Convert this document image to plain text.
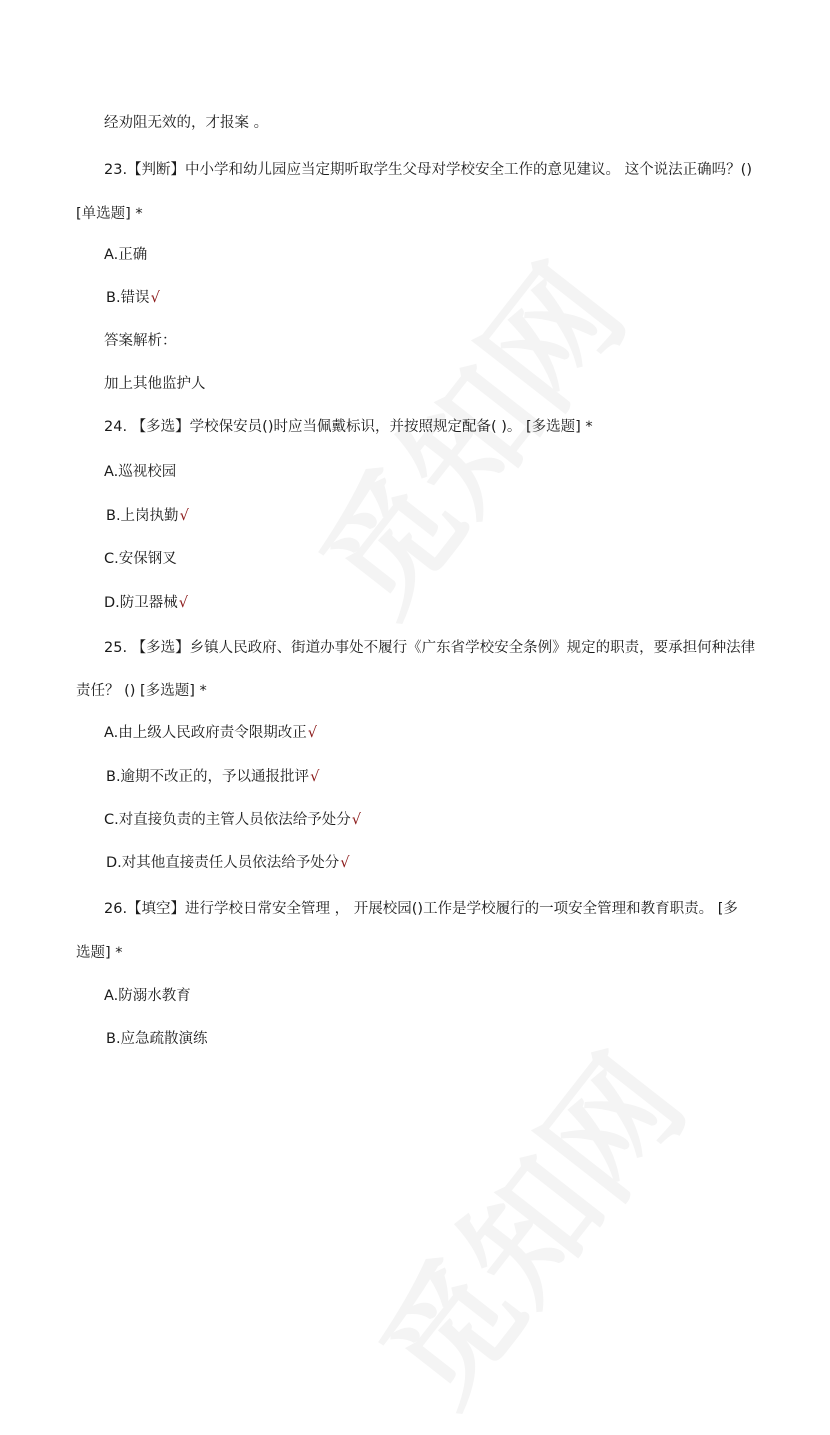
经劝阻无效的，才报案 。
23.【判断】中小学和幼儿园应当定期听取学生父母对学校安全工作的意见建议。 这个说法正确吗？()
[单选题] *
A.正确
B.错误√
答案解析：
加上其他监护人
24. 【多选】学校保安员()时应当佩戴标识，并按照规定配备( )。 [多选题] *
A.巡视校园
B.上岗执勤√
C.安保钢叉
D.防卫器械√
25. 【多选】乡镇人民政府、街道办事处不履行《广东省学校安全条例》规定的职责，要承担何种法律
责任？ () [多选题] *
A.由上级人民政府责令限期改正√
B.逾期不改正的，予以通报批评√
C.对直接负责的主管人员依法给予处分√
D.对其他直接责任人员依法给予处分√
26.【填空】进行学校日常安全管理 ， 开展校园()工作是学校履行的一项安全管理和教育职责。 [多
选题] *
A.防溺水教育
B.应急疏散演练
